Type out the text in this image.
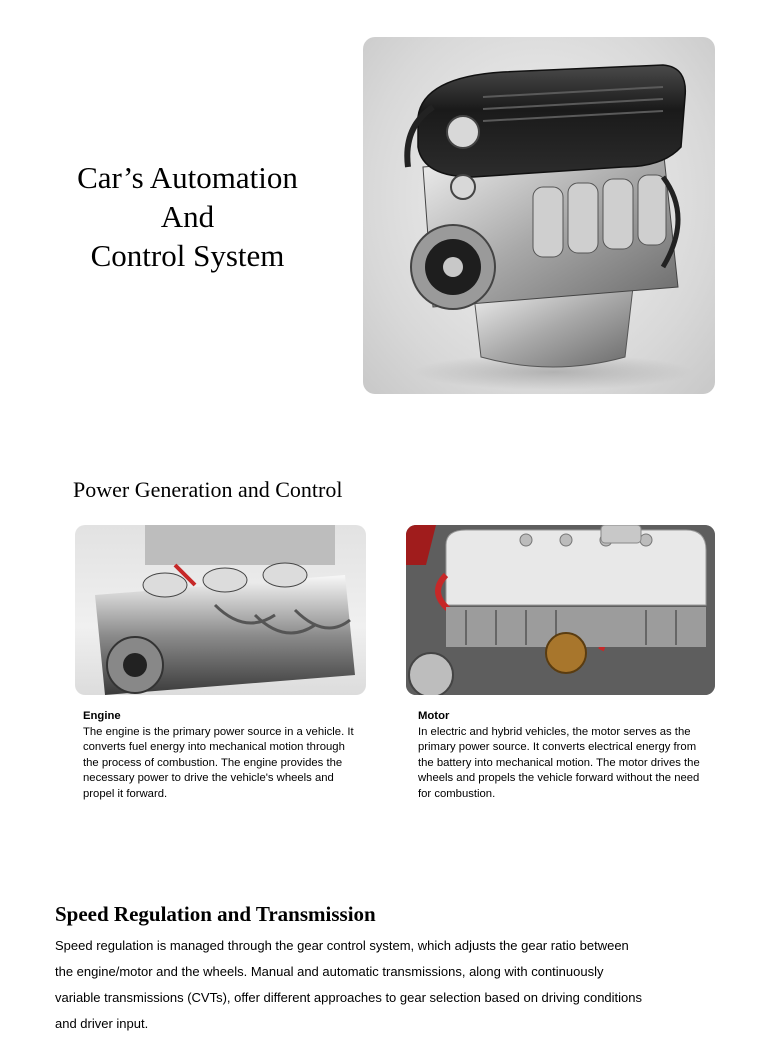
Car’s Automation
And
Control System
Power Generation and Control
Engine
The engine is the primary power source in a vehicle. It converts fuel energy into mechanical motion through the process of combustion. The engine provides the necessary power to drive the vehicle's wheels and propel it forward.
Motor
In electric and hybrid vehicles, the motor serves as the primary power source. It converts electrical energy from the battery into mechanical motion. The motor drives the wheels and propels the vehicle forward without the need for combustion.
Speed Regulation and Transmission
Speed regulation is managed through the gear control system, which adjusts the gear ratio between the engine/motor and the wheels. Manual and automatic transmissions, along with continuously variable transmissions (CVTs), offer different approaches to gear selection based on driving conditions and driver input.
